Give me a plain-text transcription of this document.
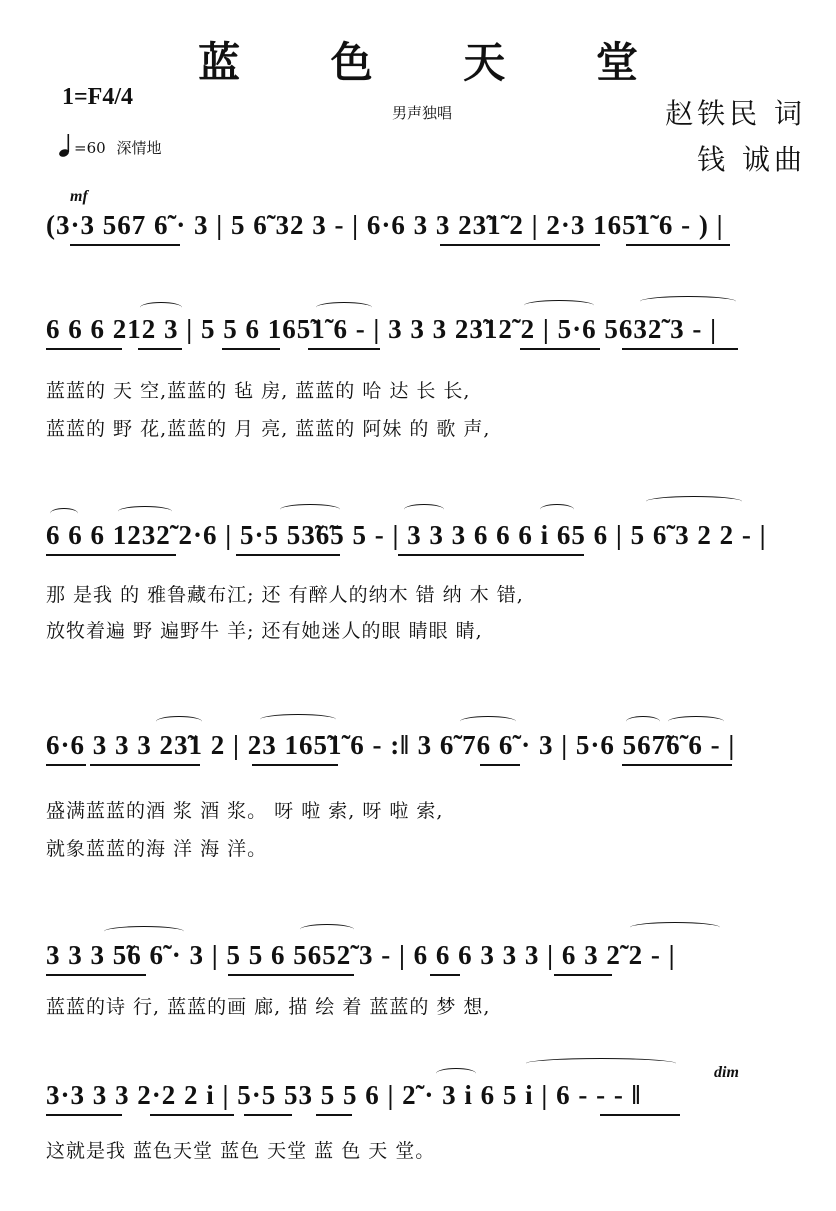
蓝 色 天 堂
1=F4/4
男声独唱	赵铁民 词
钱 诚曲
=60 深情地
mf
dim
(3·3 567 6̃ · 3 | 5 6̃ 32 3 - | 6·6 3 3 23̃1̃ 2 | 2·3 165̃1̃ 6 - ) |
6 6 6 212 3 | 5 5 6 165̃1̃ 6 - | 3 3 3 23̃12̃ 2 | 5·6 5632̃ 3 - |
蓝蓝的 天 空,蓝蓝的 毡 房, 蓝蓝的 哈 达 长 长,
蓝蓝的 野 花,蓝蓝的 月 亮, 蓝蓝的 阿妹 的 歌 声,
6 6 6 1232̃ 2·6 | 5·5 53̃6̃5 5 - | 3 3 3 6 6 6 i 65 6 | 5 6̃ 3 2 2 - |
那 是我 的 雅鲁藏布江; 还 有醉人的纳木 错 纳 木 错,
放牧着遍 野 遍野牛 羊; 还有她迷人的眼 睛眼 睛,
6·6 3 3 3 23̃1 2 | 23 165̃1̃ 6 - :‖ 3 6̃ 76 6̃ · 3 | 5·6 567̃6̃ 6 - |
盛满蓝蓝的酒 浆 酒 浆。 呀 啦 索, 呀 啦 索,
就象蓝蓝的海 洋 海 洋。
3 3 3 5̃6 6̃ · 3 | 5 5 6 5652̃ 3 - | 6 6 6 3 3 3 | 6 3 2̃ 2 - |
蓝蓝的诗 行, 蓝蓝的画 廊, 描 绘 着 蓝蓝的 梦 想,
3·3 3 3 2·2 2 i | 5·5 53 5 5 6 | 2̃ · 3 i 6 5 i | 6 - - - ‖
这就是我 蓝色天堂 蓝色 天堂 蓝 色 天 堂。
